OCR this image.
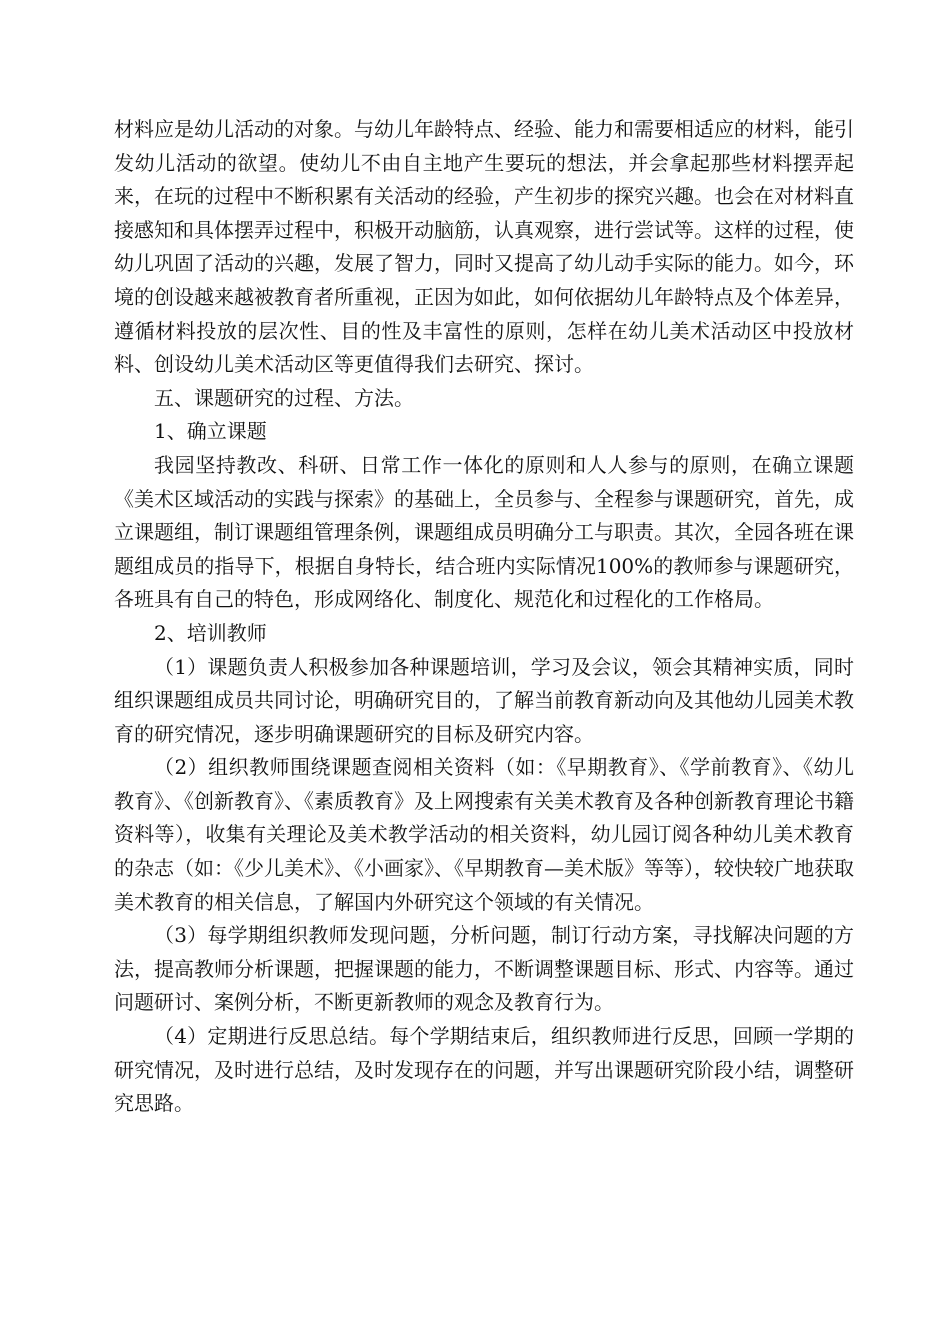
材料应是幼儿活动的对象。与幼儿年龄特点、经验、能力和需要相适应的材料，能引发幼儿活动的欲望。使幼儿不由自主地产生要玩的想法，并会拿起那些材料摆弄起来，在玩的过程中不断积累有关活动的经验，产生初步的探究兴趣。也会在对材料直接感知和具体摆弄过程中，积极开动脑筋，认真观察，进行尝试等。这样的过程，使幼儿巩固了活动的兴趣，发展了智力，同时又提高了幼儿动手实际的能力。如今，环境的创设越来越被教育者所重视，正因为如此，如何依据幼儿年龄特点及个体差异，遵循材料投放的层次性、目的性及丰富性的原则，怎样在幼儿美术活动区中投放材料、创设幼儿美术活动区等更值得我们去研究、探讨。

五、课题研究的过程、方法。

1、确立课题

我园坚持教改、科研、日常工作一体化的原则和人人参与的原则，在确立课题《美术区域活动的实践与探索》的基础上，全员参与、全程参与课题研究，首先，成立课题组，制订课题组管理条例，课题组成员明确分工与职责。其次，全园各班在课题组成员的指导下，根据自身特长，结合班内实际情况100%的教师参与课题研究，各班具有自己的特色，形成网络化、制度化、规范化和过程化的工作格局。

2、培训教师

（1）课题负责人积极参加各种课题培训，学习及会议，领会其精神实质，同时组织课题组成员共同讨论，明确研究目的，了解当前教育新动向及其他幼儿园美术教育的研究情况，逐步明确课题研究的目标及研究内容。

（2）组织教师围绕课题查阅相关资料（如：《早期教育》、《学前教育》、《幼儿教育》、《创新教育》、《素质教育》及上网搜索有关美术教育及各种创新教育理论书籍资料等），收集有关理论及美术教学活动的相关资料，幼儿园订阅各种幼儿美术教育的杂志（如：《少儿美术》、《小画家》、《早期教育—美术版》等等），较快较广地获取美术教育的相关信息，了解国内外研究这个领域的有关情况。

（3）每学期组织教师发现问题，分析问题，制订行动方案，寻找解决问题的方法，提高教师分析课题，把握课题的能力，不断调整课题目标、形式、内容等。通过问题研讨、案例分析，不断更新教师的观念及教育行为。

（4）定期进行反思总结。每个学期结束后，组织教师进行反思，回顾一学期的研究情况，及时进行总结，及时发现存在的问题，并写出课题研究阶段小结，调整研究思路。
